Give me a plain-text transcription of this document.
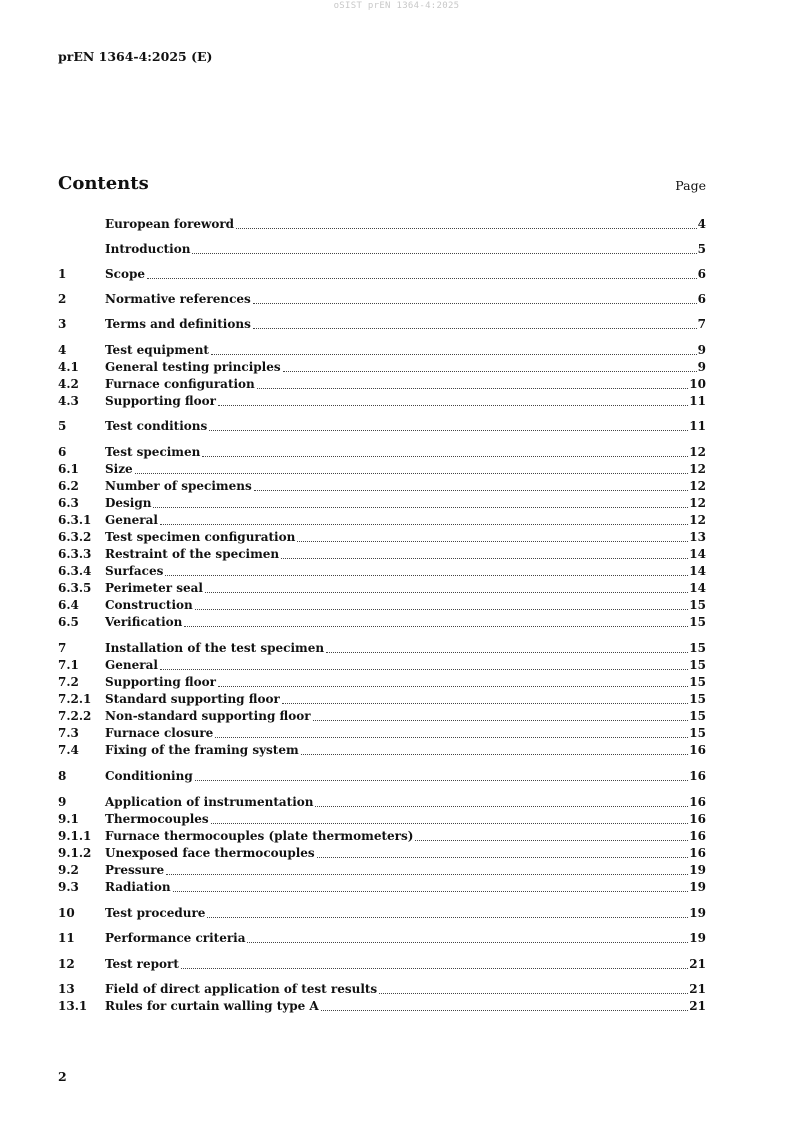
oSIST prEN 1364-4:2025
prEN 1364-4:2025 (E)
Contents	Page
European foreword	4
Introduction	5
1	Scope	6
2	Normative references	6
3	Terms and definitions	7
4	Test equipment	9
4.1	General testing principles	9
4.2	Furnace configuration	10
4.3	Supporting floor	11
5	Test conditions	11
6	Test specimen	12
6.1	Size	12
6.2	Number of specimens	12
6.3	Design	12
6.3.1	General	12
6.3.2	Test specimen configuration	13
6.3.3	Restraint of the specimen	14
6.3.4	Surfaces	14
6.3.5	Perimeter seal	14
6.4	Construction	15
6.5	Verification	15
7	Installation of the test specimen	15
7.1	General	15
7.2	Supporting floor	15
7.2.1	Standard supporting floor	15
7.2.2	Non-standard supporting floor	15
7.3	Furnace closure	15
7.4	Fixing of the framing system	16
8	Conditioning	16
9	Application of instrumentation	16
9.1	Thermocouples	16
9.1.1	Furnace thermocouples (plate thermometers)	16
9.1.2	Unexposed face thermocouples	16
9.2	Pressure	19
9.3	Radiation	19
10	Test procedure	19
11	Performance criteria	19
12	Test report	21
13	Field of direct application of test results	21
13.1	Rules for curtain walling type A	21
2
